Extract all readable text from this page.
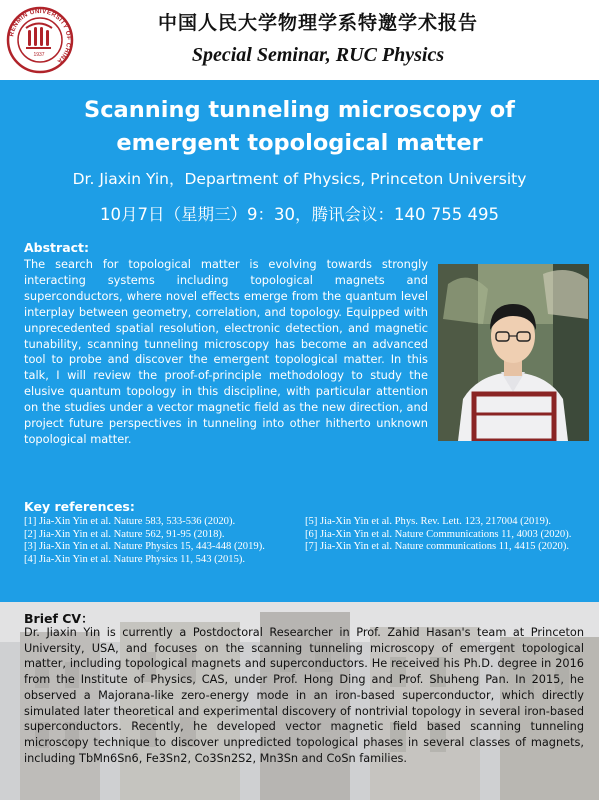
RENMIN UNIVERSITY OF CHINA
1937
中国人民大学物理学系特邀学术报告
Special Seminar, RUC Physics
Scanning tunneling microscopy of emergent topological matter
Dr. Jiaxin Yin，Department of Physics, Princeton University
10月7日（星期三）9：30，腾讯会议：140 755 495
Abstract:
The search for topological matter is evolving towards strongly interacting systems including topological magnets and superconductors, where novel effects emerge from the quantum level interplay between geometry, correlation, and topology. Equipped with unprecedented spatial resolution, electronic detection, and magnetic tunability, scanning tunneling microscopy has become an advanced tool to probe and discover the emergent topological matter. In this talk, I will review the proof-of-principle methodology to study the elusive quantum topology in this discipline, with particular attention on the studies under a vector magnetic field as the new direction, and project future perspectives in tunneling into other hitherto unknown topological matter.
Key references:
[1] Jia-Xin Yin et al. Nature 583, 533-536 (2020).
[2] Jia-Xin Yin et al. Nature 562, 91-95 (2018).
[3] Jia-Xin Yin et al. Nature Physics 15, 443-448 (2019).
[4] Jia-Xin Yin et al. Nature Physics 11, 543 (2015).
[5] Jia-Xin Yin et al. Phys. Rev. Lett. 123, 217004 (2019).
[6] Jia-Xin Yin et al. Nature Communications 11, 4003 (2020).
[7] Jia-Xin Yin et al. Nature communications 11, 4415 (2020).
Brief CV：
Dr. Jiaxin Yin is currently a Postdoctoral Researcher in Prof. Zahid Hasan's team at Princeton University, USA, and focuses on the scanning tunneling microscopy of emergent topological matter, including topological magnets and superconductors. He received his Ph.D. degree in 2016 from the Institute of Physics, CAS, under Prof. Hong Ding and Prof. Shuheng Pan. In 2015, he observed a Majorana-like zero-energy mode in an iron-based superconductor, which directly simulated later theoretical and experimental discovery of nontrivial topology in several iron-based superconductors. Recently, he developed vector magnetic field based scanning tunneling microscopy technique to discover unpredicted topological phases in several classes of magnets, including TbMn6Sn6, Fe3Sn2, Co3Sn2S2, Mn3Sn and CoSn families.
